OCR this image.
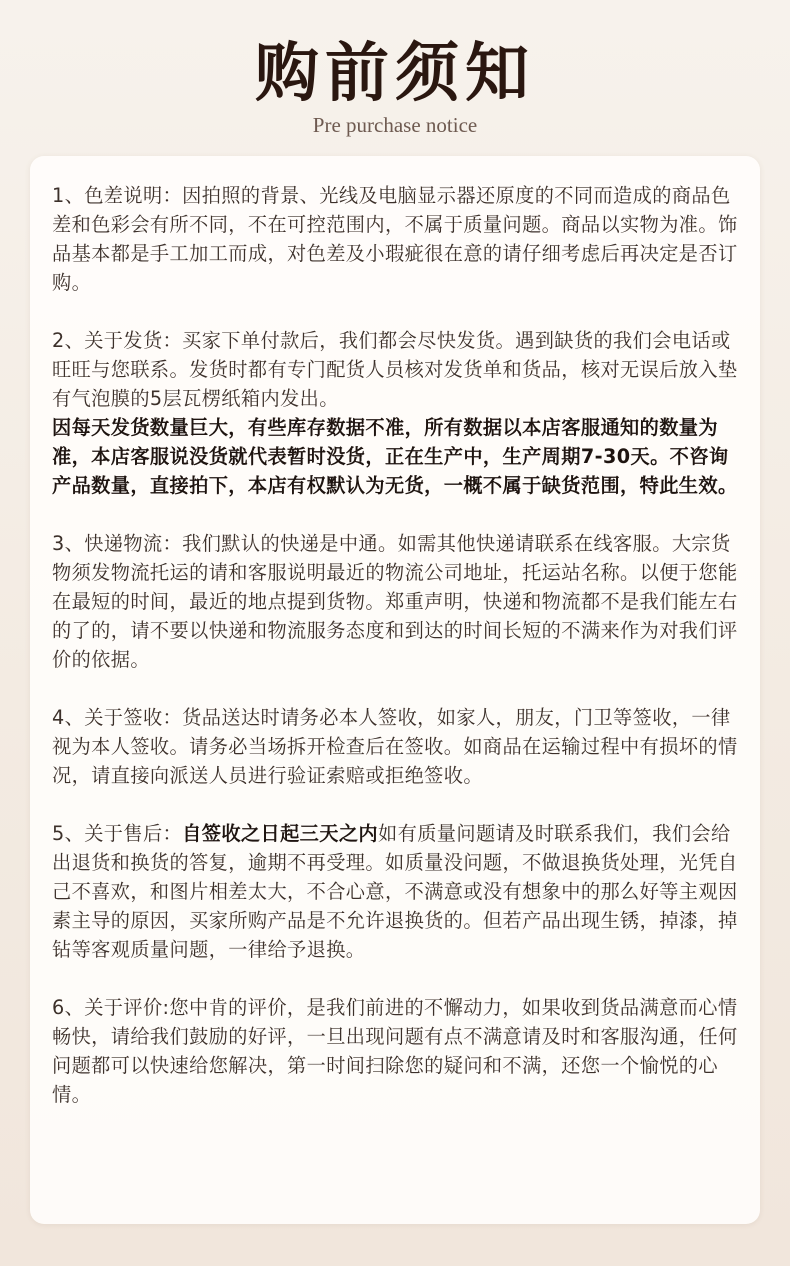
购前须知
Pre purchase notice

1、色差说明：因拍照的背景、光线及电脑显示器还原度的不同而造成的商品色差和色彩会有所不同，不在可控范围内，不属于质量问题。商品以实物为准。饰品基本都是手工加工而成，对色差及小瑕疵很在意的请仔细考虑后再决定是否订购。

2、关于发货：买家下单付款后，我们都会尽快发货。遇到缺货的我们会电话或旺旺与您联系。发货时都有专门配货人员核对发货单和货品，核对无误后放入垫有气泡膜的5层瓦楞纸箱内发出。

因每天发货数量巨大，有些库存数据不准，所有数据以本店客服通知的数量为准，本店客服说没货就代表暂时没货，正在生产中，生产周期7-30天。不咨询产品数量，直接拍下，本店有权默认为无货，一概不属于缺货范围，特此生效。

3、快递物流：我们默认的快递是中通。如需其他快递请联系在线客服。大宗货物须发物流托运的请和客服说明最近的物流公司地址，托运站名称。以便于您能在最短的时间，最近的地点提到货物。郑重声明，快递和物流都不是我们能左右的了的，请不要以快递和物流服务态度和到达的时间长短的不满来作为对我们评价的依据。

4、关于签收：货品送达时请务必本人签收，如家人，朋友，门卫等签收，一律视为本人签收。请务必当场拆开检查后在签收。如商品在运输过程中有损坏的情况，请直接向派送人员进行验证索赔或拒绝签收。

5、关于售后：自签收之日起三天之内如有质量问题请及时联系我们，我们会给出退货和换货的答复，逾期不再受理。如质量没问题，不做退换货处理，光凭自己不喜欢，和图片相差太大，不合心意，不满意或没有想象中的那么好等主观因素主导的原因，买家所购产品是不允许退换货的。但若产品出现生锈，掉漆，掉钻等客观质量问题，一律给予退换。

6、关于评价:您中肯的评价，是我们前进的不懈动力，如果收到货品满意而心情畅快，请给我们鼓励的好评，一旦出现问题有点不满意请及时和客服沟通，任何问题都可以快速给您解决，第一时间扫除您的疑问和不满，还您一个愉悦的心情。
